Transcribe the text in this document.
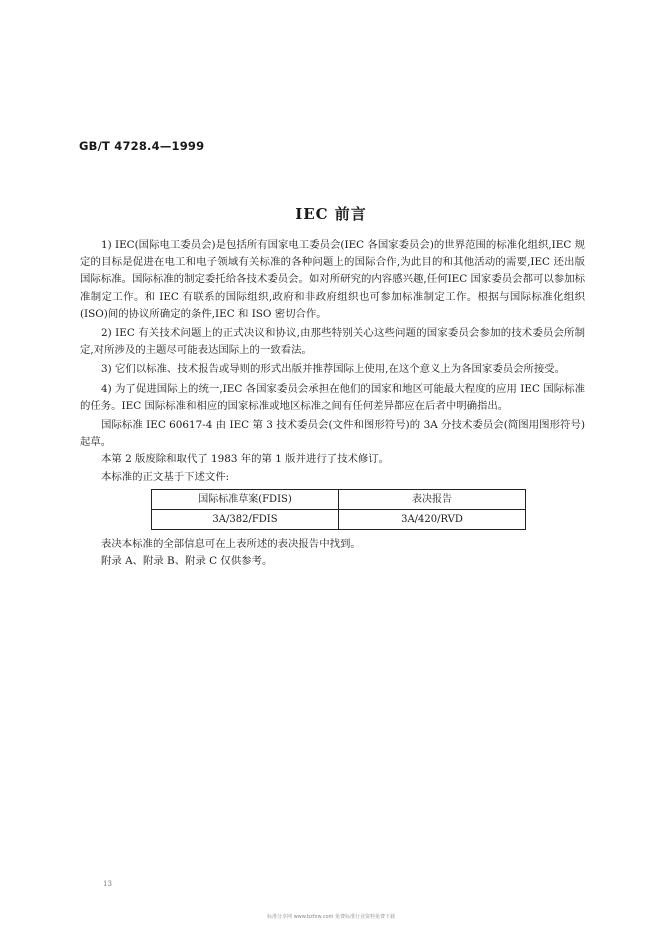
GB/T 4728.4—1999
IEC 前言

1) IEC(国际电工委员会)是包括所有国家电工委员会(IEC 各国家委员会)的世界范围的标准化组织,IEC 规定的目标是促进在电工和电子领域有关标准的各种问题上的国际合作,为此目的和其他活动的需要,IEC 还出版国际标准。国际标准的制定委托给各技术委员会。如对所研究的内容感兴趣,任何IEC 国家委员会都可以参加标准制定工作。和 IEC 有联系的国际组织,政府和非政府组织也可参加标准制定工作。根据与国际标准化组织(ISO)间的协议所确定的条件,IEC 和 ISO 密切合作。

2) IEC 有关技术问题上的正式决议和协议,由那些特别关心这些问题的国家委员会参加的技术委员会所制定,对所涉及的主题尽可能表达国际上的一致看法。

3) 它们以标准、技术报告或导则的形式出版并推荐国际上使用,在这个意义上为各国家委员会所接受。

4) 为了促进国际上的统一,IEC 各国家委员会承担在他们的国家和地区可能最大程度的应用 IEC 国际标准的任务。IEC 国际标准和相应的国家标准或地区标准之间有任何差异都应在后者中明确指出。

国际标准 IEC 60617-4 由 IEC 第 3 技术委员会(文件和图形符号)的 3A 分技术委员会(简图用图形符号)起草。

本第 2 版废除和取代了 1983 年的第 1 版并进行了技术修订。

本标准的正文基于下述文件:

国际标准草案(FDIS)	表决报告
3A/382/FDIS	3A/420/RVD

表决本标准的全部信息可在上表所述的表决报告中找到。

附录 A、附录 B、附录 C 仅供参考。

13
标准分享网 www.bzfxw.com 免费标准行业资料免费下载
